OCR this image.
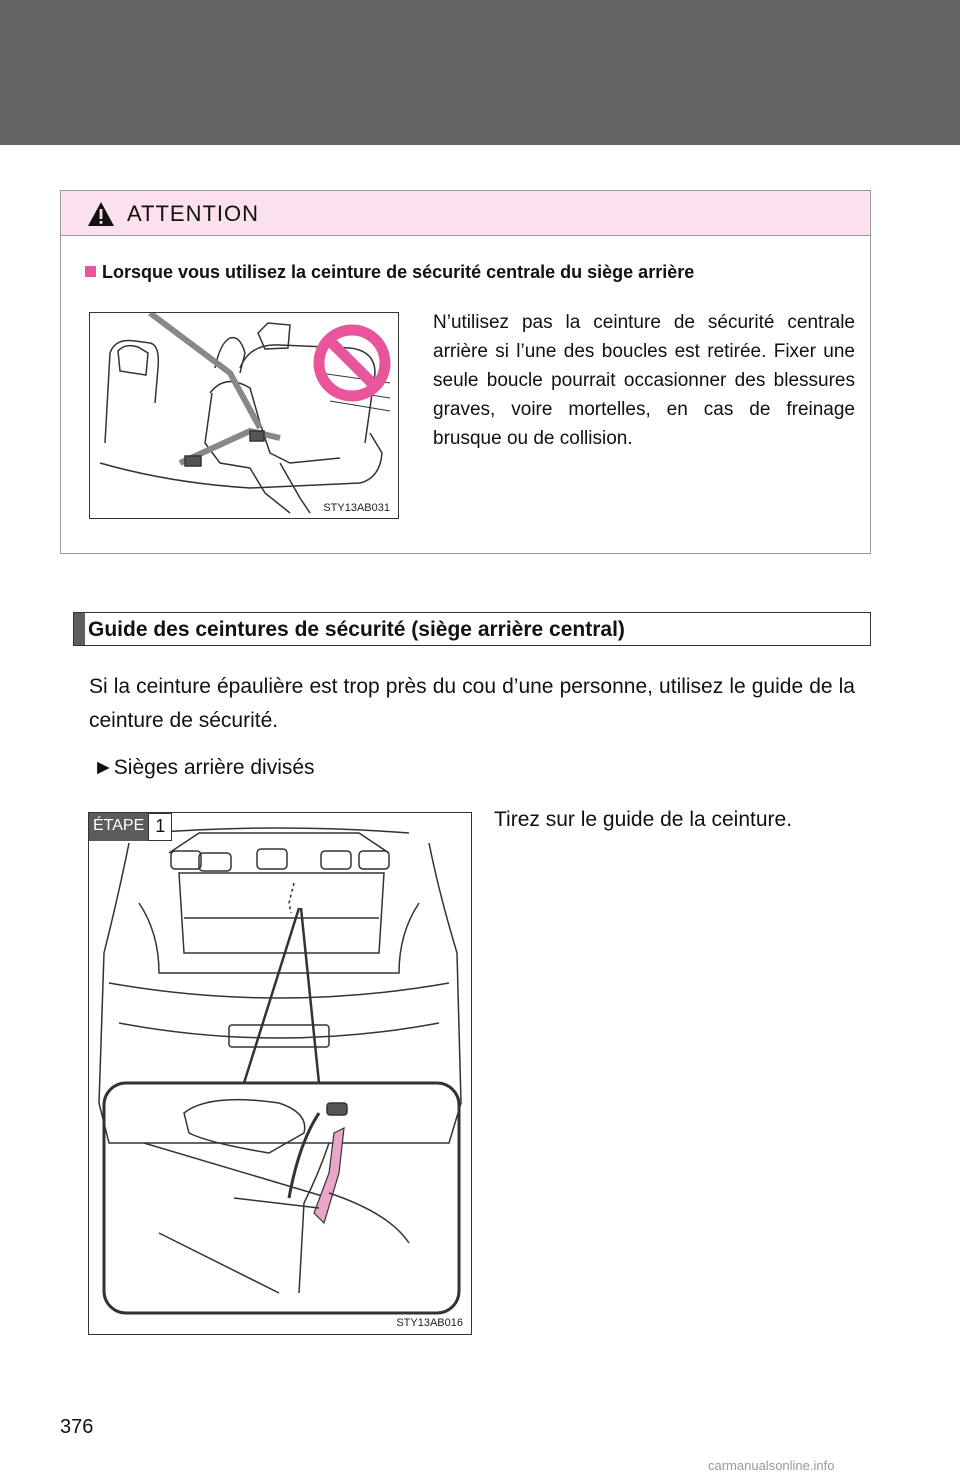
ATTENTION
Lorsque vous utilisez la ceinture de sécurité centrale du siège arrière
STY13AB031
N’utilisez pas la ceinture de sécurité centrale arrière si l’une des boucles est retirée. Fixer une seule boucle pourrait occasionner des blessures graves, voire mortelles, en cas de freinage brusque ou de collision.
Guide des ceintures de sécurité (siège arrière central)
Si la ceinture épaulière est trop près du cou d’une personne, utilisez le guide de la ceinture de sécurité.
►Sièges arrière divisés
ÉTAPE 1
STY13AB016
Tirez sur le guide de la ceinture.
376
carmanualsonline.info
